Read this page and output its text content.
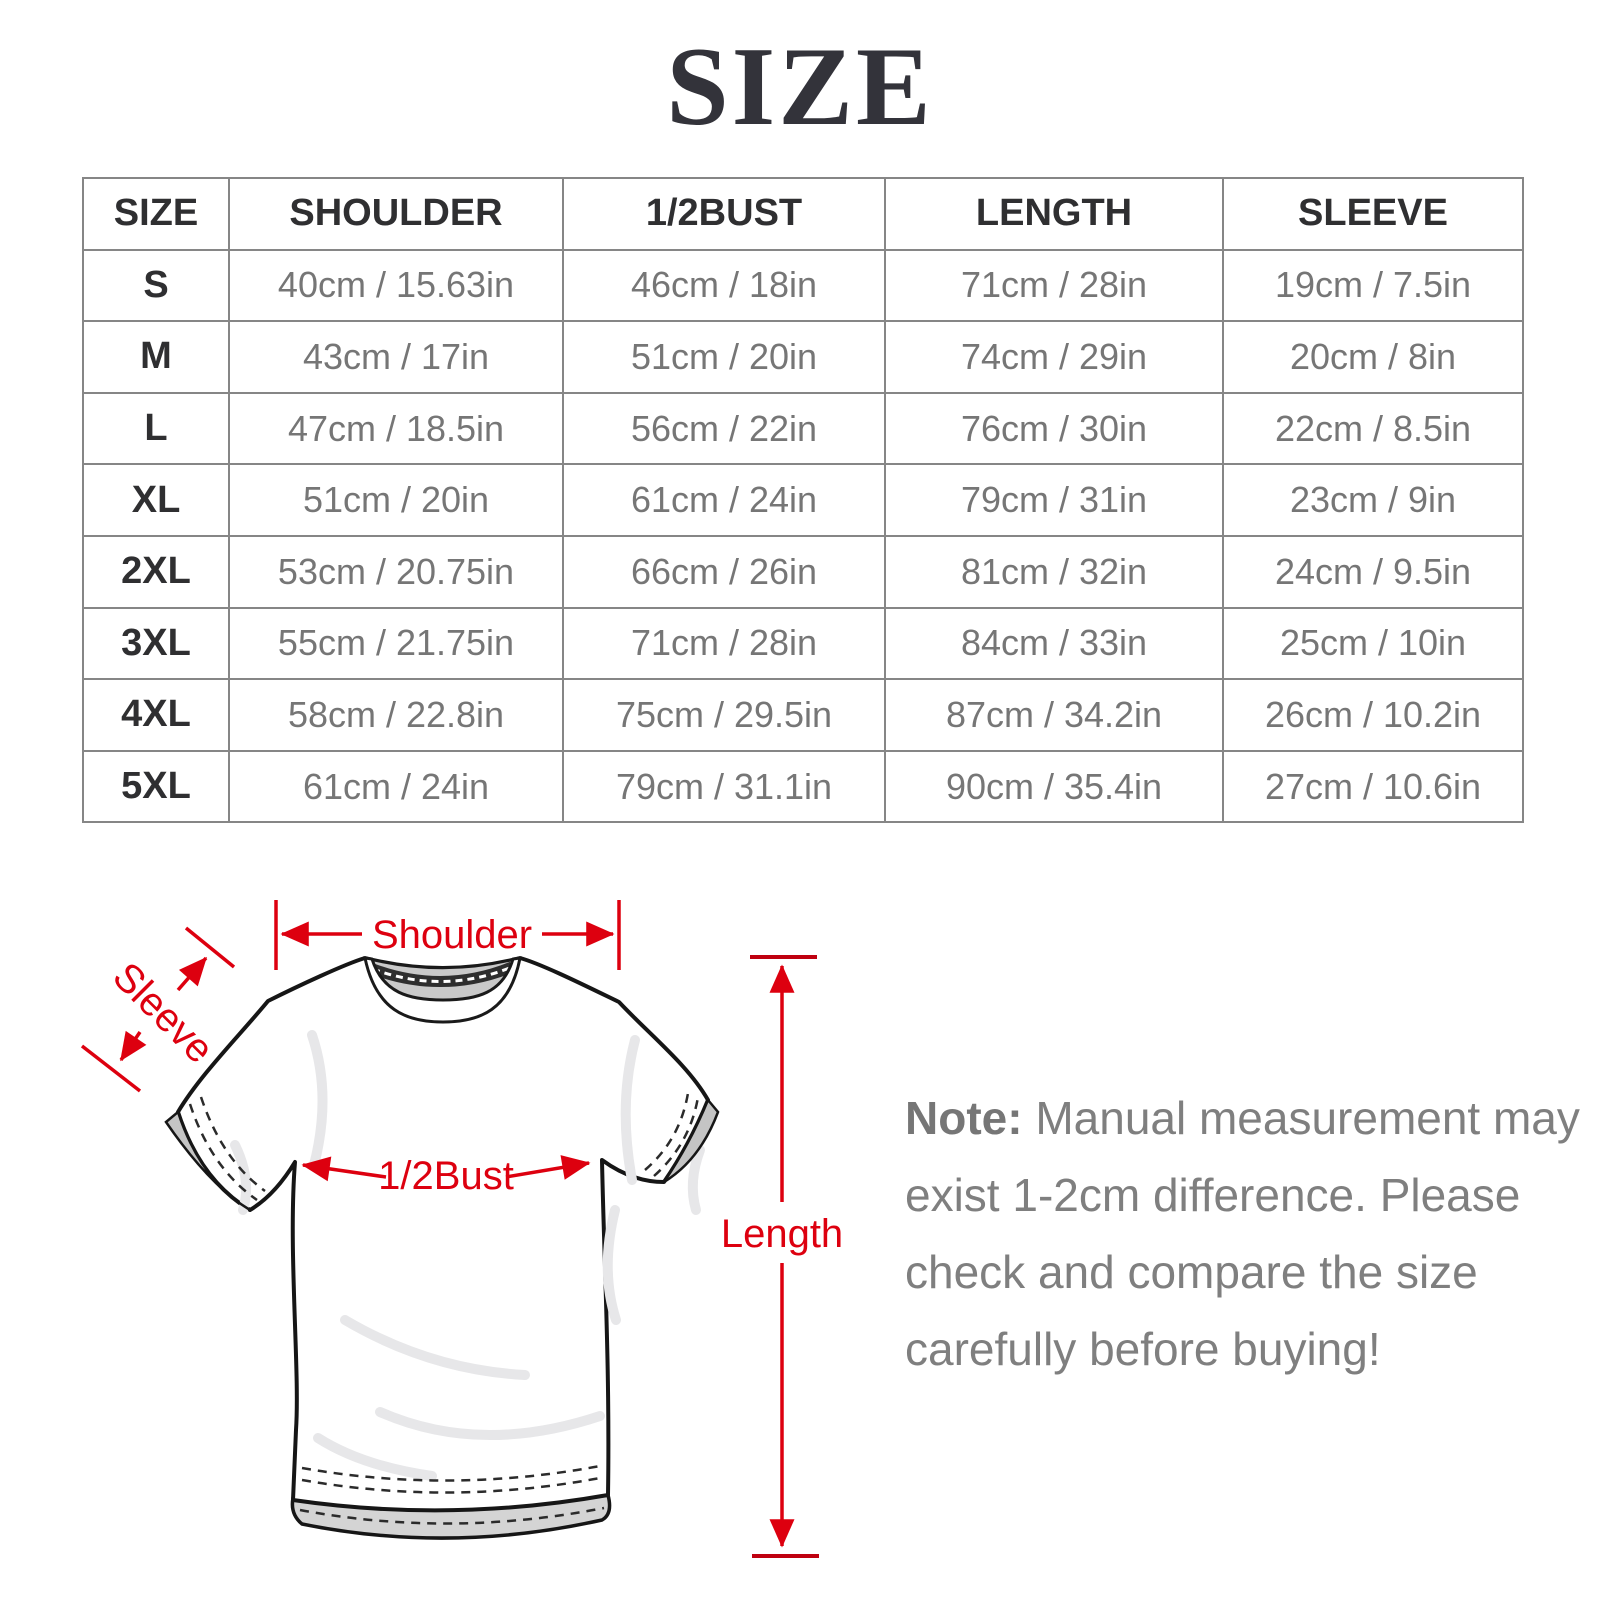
SIZE
SIZE	SHOULDER	1/2BUST	LENGTH	SLEEVE
S	40cm / 15.63in	46cm / 18in	71cm / 28in	19cm / 7.5in
M	43cm / 17in	51cm / 20in	74cm / 29in	20cm / 8in
L	47cm / 18.5in	56cm / 22in	76cm / 30in	22cm / 8.5in
XL	51cm / 20in	61cm / 24in	79cm / 31in	23cm / 9in
2XL	53cm / 20.75in	66cm / 26in	81cm / 32in	24cm / 9.5in
3XL	55cm / 21.75in	71cm / 28in	84cm / 33in	25cm / 10in
4XL	58cm / 22.8in	75cm / 29.5in	87cm / 34.2in	26cm / 10.2in
5XL	61cm / 24in	79cm / 31.1in	90cm / 35.4in	27cm / 10.6in
Shoulder
Sleeve
1/2Bust
Length
Note: Manual measurement may
exist 1-2cm difference. Please
check and compare the size
carefully before buying!
